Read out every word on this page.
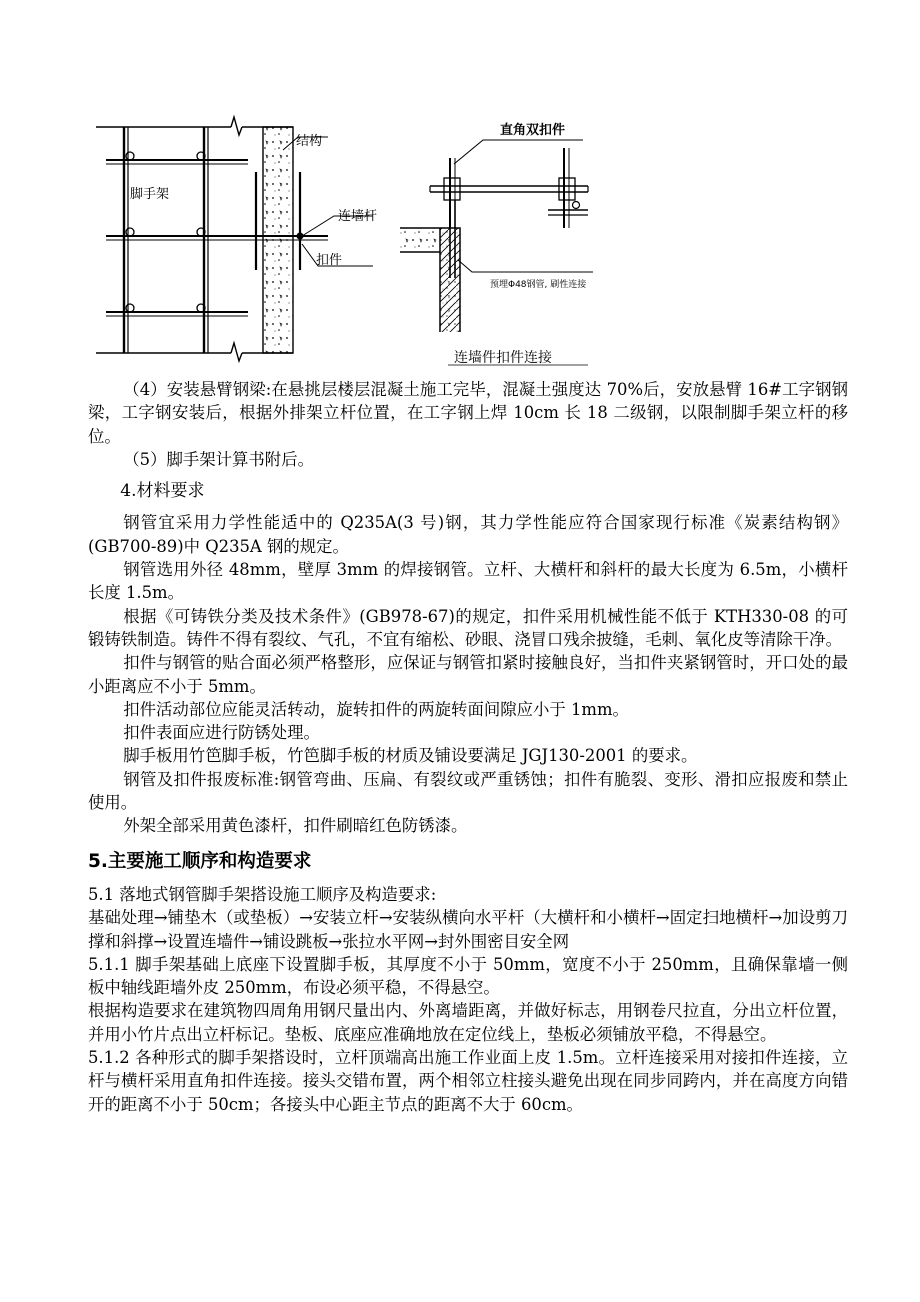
结构
脚手架
连墙杆
扣件
直角双扣件
预埋Φ48钢管, 刷性连接
连墙件扣件连接

（4）安装悬臂钢梁:在悬挑层楼层混凝土施工完毕，混凝土强度达 70%后，安放悬臂 16#工字钢钢梁，工字钢安装后，根据外排架立杆位置，在工字钢上焊 10cm 长 18 二级钢，以限制脚手架立杆的移位。

（5）脚手架计算书附后。

4.材料要求

钢管宜采用力学性能适中的 Q235A(3 号)钢，其力学性能应符合国家现行标准《炭素结构钢》(GB700-89)中 Q235A 钢的规定。

钢管选用外径 48mm，壁厚 3mm 的焊接钢管。立杆、大横杆和斜杆的最大长度为 6.5m，小横杆长度 1.5m。

根据《可铸铁分类及技术条件》(GB978-67)的规定，扣件采用机械性能不低于 KTH330-08 的可锻铸铁制造。铸件不得有裂纹、气孔，不宜有缩松、砂眼、浇冒口残余披缝，毛刺、氧化皮等清除干净。

扣件与钢管的贴合面必须严格整形，应保证与钢管扣紧时接触良好，当扣件夹紧钢管时，开口处的最小距离应不小于 5mm。

扣件活动部位应能灵活转动，旋转扣件的两旋转面间隙应小于 1mm。

扣件表面应进行防锈处理。

脚手板用竹笆脚手板，竹笆脚手板的材质及铺设要满足 JGJ130-2001 的要求。

钢管及扣件报废标准:钢管弯曲、压扁、有裂纹或严重锈蚀；扣件有脆裂、变形、滑扣应报废和禁止使用。

外架全部采用黄色漆杆，扣件刷暗红色防锈漆。

5.主要施工顺序和构造要求

5.1 落地式钢管脚手架搭设施工顺序及构造要求:

基础处理→铺垫木（或垫板）→安装立杆→安装纵横向水平杆（大横杆和小横杆→固定扫地横杆→加设剪刀撑和斜撑→设置连墙件→铺设跳板→张拉水平网→封外围密目安全网

5.1.1 脚手架基础上底座下设置脚手板，其厚度不小于 50mm，宽度不小于 250mm，且确保靠墙一侧板中轴线距墙外皮 250mm，布设必须平稳，不得悬空。

根据构造要求在建筑物四周角用钢尺量出内、外离墙距离，并做好标志，用钢卷尺拉直，分出立杆位置，并用小竹片点出立杆标记。垫板、底座应准确地放在定位线上，垫板必须铺放平稳，不得悬空。

5.1.2 各种形式的脚手架搭设时，立杆顶端高出施工作业面上皮 1.5m。立杆连接采用对接扣件连接，立杆与横杆采用直角扣件连接。接头交错布置，两个相邻立柱接头避免出现在同步同跨内，并在高度方向错开的距离不小于 50cm；各接头中心距主节点的距离不大于 60cm。
